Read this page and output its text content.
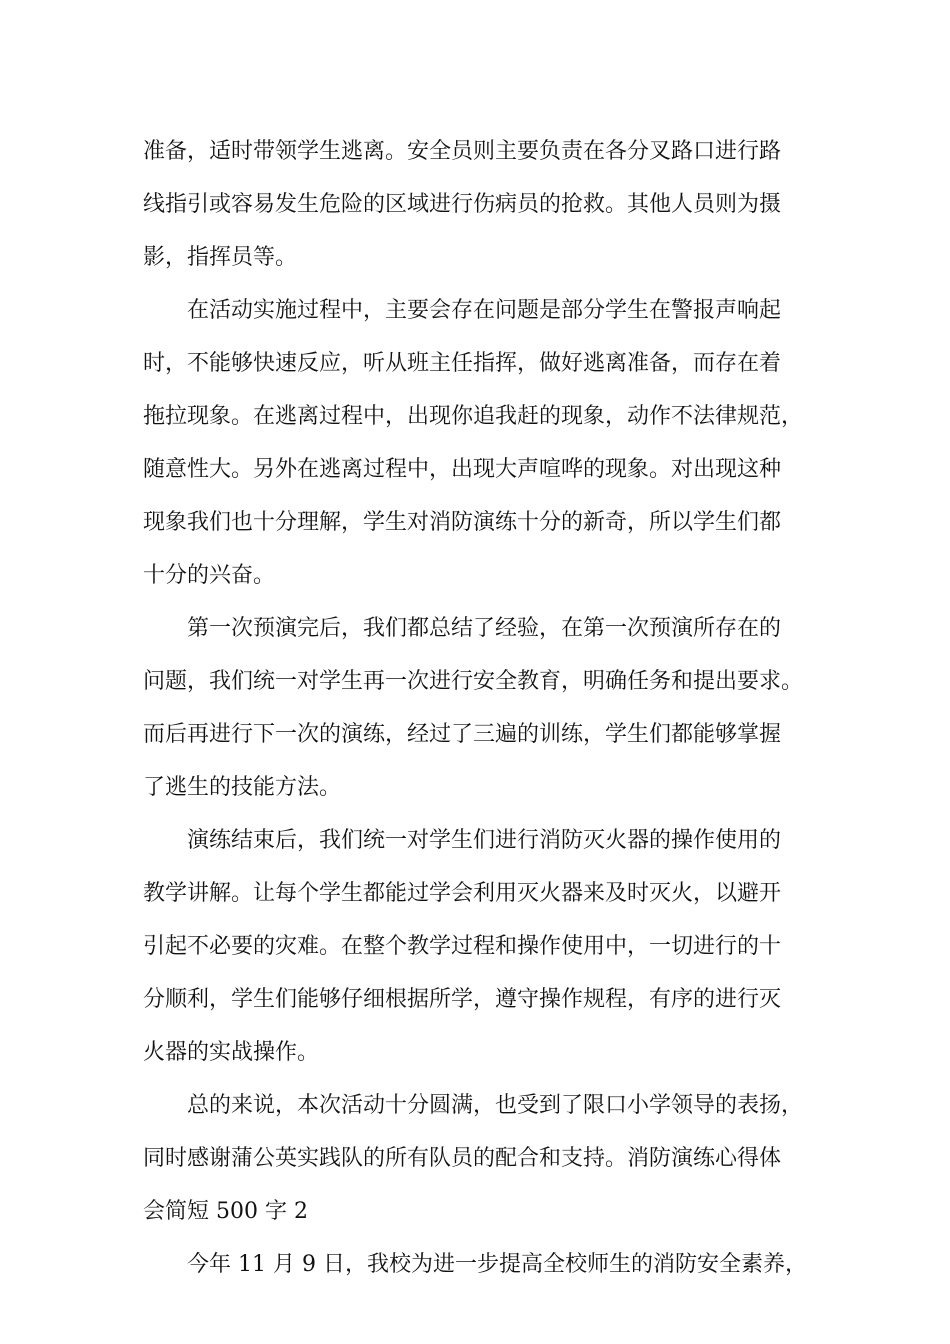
准备，适时带领学生逃离。安全员则主要负责在各分叉路口进行路
线指引或容易发生危险的区域进行伤病员的抢救。其他人员则为摄
影，指挥员等。
在活动实施过程中，主要会存在问题是部分学生在警报声响起
时，不能够快速反应，听从班主任指挥，做好逃离准备，而存在着
拖拉现象。在逃离过程中，出现你追我赶的现象，动作不法律规范，
随意性大。另外在逃离过程中，出现大声喧哗的现象。对出现这种
现象我们也十分理解，学生对消防演练十分的新奇，所以学生们都
十分的兴奋。
第一次预演完后，我们都总结了经验，在第一次预演所存在的
问题，我们统一对学生再一次进行安全教育，明确任务和提出要求。
而后再进行下一次的演练，经过了三遍的训练，学生们都能够掌握
了逃生的技能方法。
演练结束后，我们统一对学生们进行消防灭火器的操作使用的
教学讲解。让每个学生都能过学会利用灭火器来及时灭火，以避开
引起不必要的灾难。在整个教学过程和操作使用中，一切进行的十
分顺利，学生们能够仔细根据所学，遵守操作规程，有序的进行灭
火器的实战操作。
总的来说，本次活动十分圆满，也受到了限口小学领导的表扬，
同时感谢蒲公英实践队的所有队员的配合和支持。消防演练心得体
会简短 500 字 2
今年 11 月 9 日，我校为进一步提高全校师生的消防安全素养，
